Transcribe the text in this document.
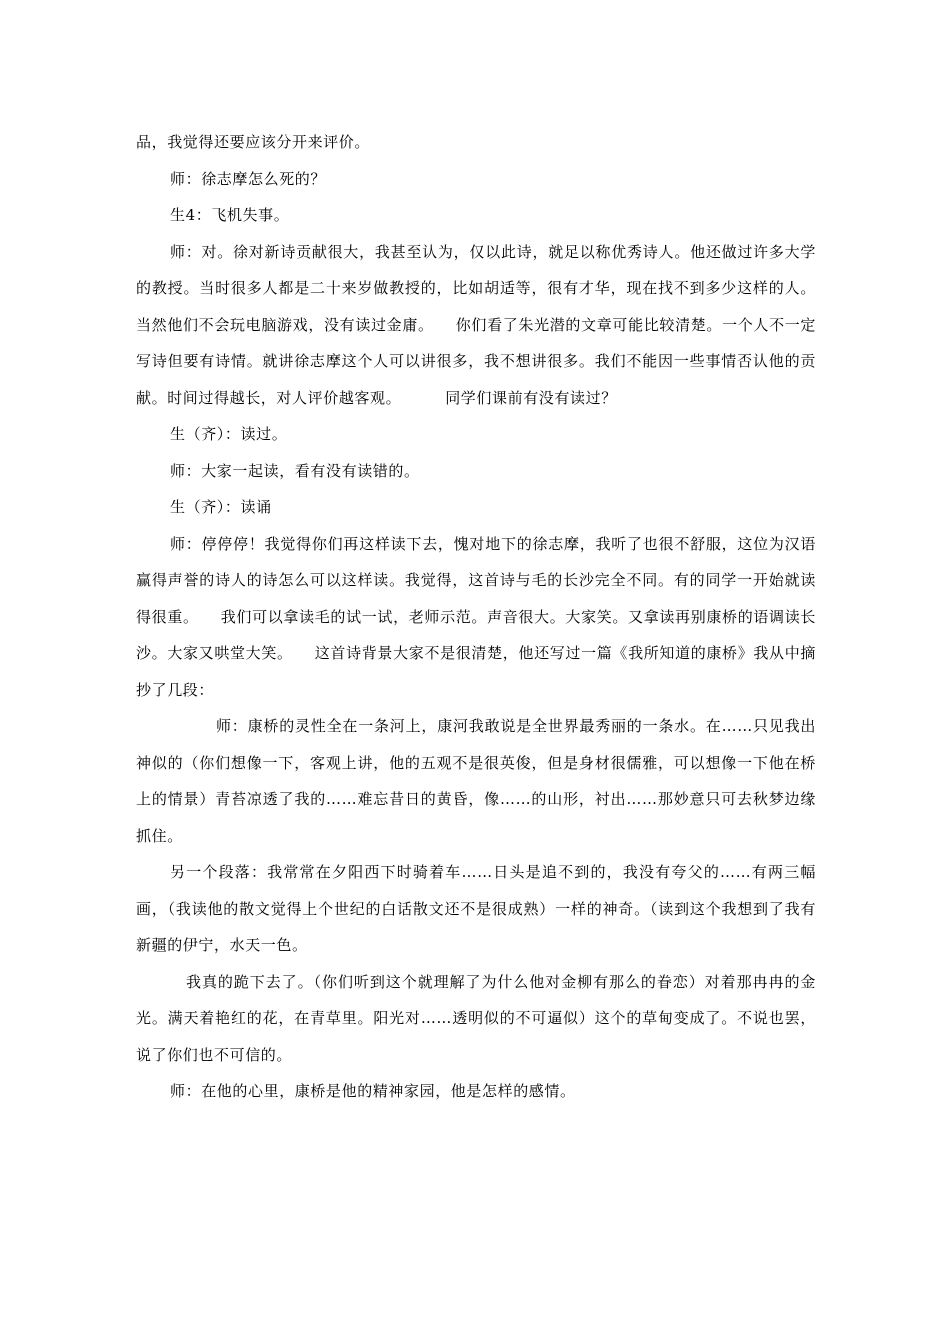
品，我觉得还要应该分开来评价。

师：徐志摩怎么死的？

生4：飞机失事。

师：对。徐对新诗贡献很大，我甚至认为，仅以此诗，就足以称优秀诗人。他还做过许多大学的教授。当时很多人都是二十来岁做教授的，比如胡适等，很有才华，现在找不到多少这样的人。当然他们不会玩电脑游戏，没有读过金庸。 你们看了朱光潜的文章可能比较清楚。一个人不一定写诗但要有诗情。就讲徐志摩这个人可以讲很多，我不想讲很多。我们不能因一些事情否认他的贡献。时间过得越长，对人评价越客观。	同学们课前有没有读过？

生（齐）：读过。

师：大家一起读，看有没有读错的。

生（齐）：读诵

师：停停停！我觉得你们再这样读下去，愧对地下的徐志摩，我听了也很不舒服，这位为汉语赢得声誉的诗人的诗怎么可以这样读。我觉得，这首诗与毛的长沙完全不同。有的同学一开始就读得很重。 我们可以拿读毛的试一试，老师示范。声音很大。大家笑。又拿读再别康桥的语调读长沙。大家又哄堂大笑。 这首诗背景大家不是很清楚，他还写过一篇《我所知道的康桥》我从中摘抄了几段：

师：康桥的灵性全在一条河上，康河我敢说是全世界最秀丽的一条水。在……只见我出神似的（你们想像一下，客观上讲，他的五观不是很英俊，但是身材很儒雅，可以想像一下他在桥上的情景）青苔凉透了我的……难忘昔日的黄昏，像……的山形，衬出……那妙意只可去秋梦边缘抓住。

另一个段落：我常常在夕阳西下时骑着车……日头是追不到的，我没有夸父的……有两三幅画，（我读他的散文觉得上个世纪的白话散文还不是很成熟）一样的神奇。（读到这个我想到了我有新疆的伊宁，水天一色。

我真的跪下去了。（你们听到这个就理解了为什么他对金柳有那么的眷恋）对着那冉冉的金光。满天着艳红的花，在青草里。阳光对……透明似的不可逼似）这个的草甸变成了。不说也罢，说了你们也不可信的。

师：在他的心里，康桥是他的精神家园，他是怎样的感情。
